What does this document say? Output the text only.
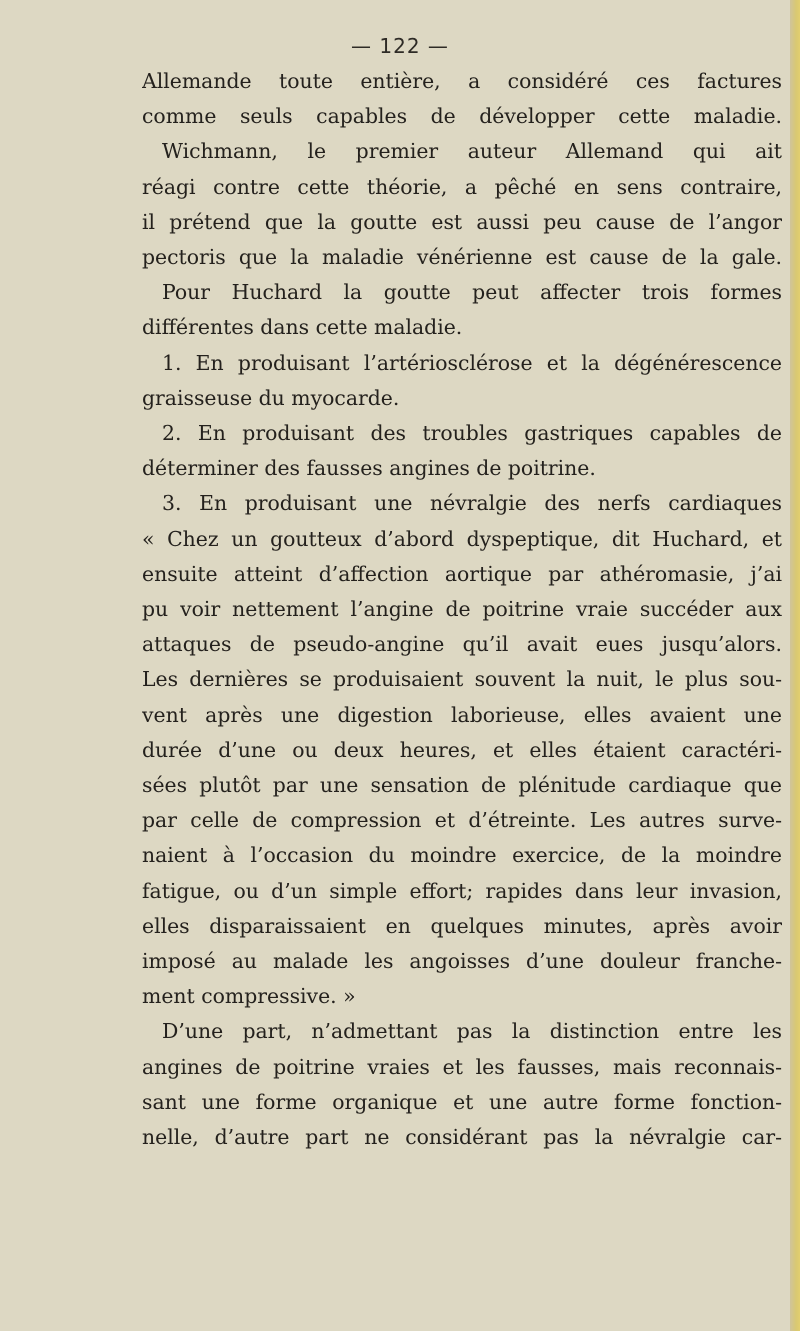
— 122 —
Allemande toute entière, a considéré ces factures
comme seuls capables de développer cette maladie.
Wichmann, le premier auteur Allemand qui ait
réagi contre cette théorie, a pêché en sens contraire,
il prétend que la goutte est aussi peu cause de l’angor
pectoris que la maladie vénérienne est cause de la gale.
Pour Huchard la goutte peut affecter trois formes
différentes dans cette maladie.
1. En produisant l’artériosclérose et la dégénérescence
graisseuse du myocarde.
2. En produisant des troubles gastriques capables de
déterminer des fausses angines de poitrine.
3. En produisant une névralgie des nerfs cardiaques
« Chez un goutteux d’abord dyspeptique, dit Huchard, et
ensuite atteint d’affection aortique par athéromasie, j’ai
pu voir nettement l’angine de poitrine vraie succéder aux
attaques de pseudo-angine qu’il avait eues jusqu’alors.
Les dernières se produisaient souvent la nuit, le plus sou-
vent après une digestion laborieuse, elles avaient une
durée d’une ou deux heures, et elles étaient caractéri-
sées plutôt par une sensation de plénitude cardiaque que
par celle de compression et d’étreinte. Les autres surve-
naient à l’occasion du moindre exercice, de la moindre
fatigue, ou d’un simple effort; rapides dans leur invasion,
elles disparaissaient en quelques minutes, après avoir
imposé au malade les angoisses d’une douleur franche-
ment compressive. »
D’une part, n’admettant pas la distinction entre les
angines de poitrine vraies et les fausses, mais reconnais-
sant une forme organique et une autre forme fonction-
nelle, d’autre part ne considérant pas la névralgie car-
